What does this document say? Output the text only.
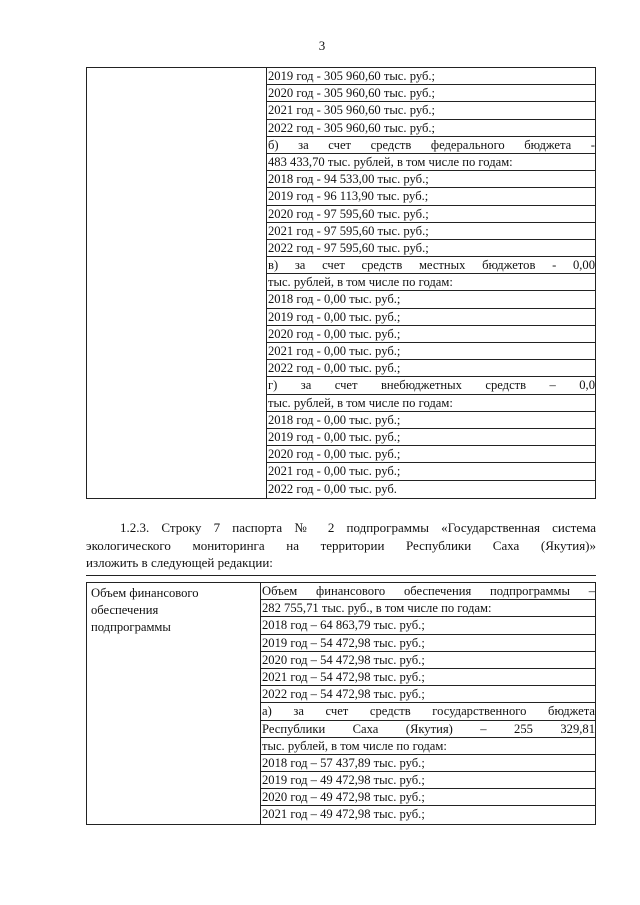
3

2019 год - 305 960,60 тыс. руб.;
2020 год - 305 960,60 тыс. руб.;
2021 год - 305 960,60 тыс. руб.;
2022 год - 305 960,60 тыс. руб.;
б) за счет средств федерального бюджета -
483 433,70 тыс. рублей, в том числе по годам:
2018 год - 94 533,00 тыс. руб.;
2019 год - 96 113,90 тыс. руб.;
2020 год - 97 595,60 тыс. руб.;
2021 год - 97 595,60 тыс. руб.;
2022 год - 97 595,60 тыс. руб.;
в) за счет средств местных бюджетов - 0,00
тыс. рублей, в том числе по годам:
2018 год - 0,00 тыс. руб.;
2019 год - 0,00 тыс. руб.;
2020 год - 0,00 тыс. руб.;
2021 год - 0,00 тыс. руб.;
2022 год - 0,00 тыс. руб.;
г) за счет внебюджетных средств – 0,0
тыс. рублей, в том числе по годам:
2018 год - 0,00 тыс. руб.;
2019 год - 0,00 тыс. руб.;
2020 год - 0,00 тыс. руб.;
2021 год - 0,00 тыс. руб.;
2022 год - 0,00 тыс. руб.
1.2.3. Строку 7 паспорта № 2 подпрограммы «Государственная система
экологического мониторинга на территории Республики Саха (Якутия)»
изложить в следующей редакции:
Объем финансового
обеспечения
подпрограммы

Объем финансового обеспечения подпрограммы –
282 755,71 тыс. руб., в том числе по годам:
2018 год – 64 863,79 тыс. руб.;
2019 год – 54 472,98 тыс. руб.;
2020 год – 54 472,98 тыс. руб.;
2021 год – 54 472,98 тыс. руб.;
2022 год – 54 472,98 тыс. руб.;
а) за счет средств государственного бюджета
Республики Саха (Якутия) – 255 329,81
тыс. рублей, в том числе по годам:
2018 год – 57 437,89 тыс. руб.;
2019 год – 49 472,98 тыс. руб.;
2020 год – 49 472,98 тыс. руб.;
2021 год – 49 472,98 тыс. руб.;
